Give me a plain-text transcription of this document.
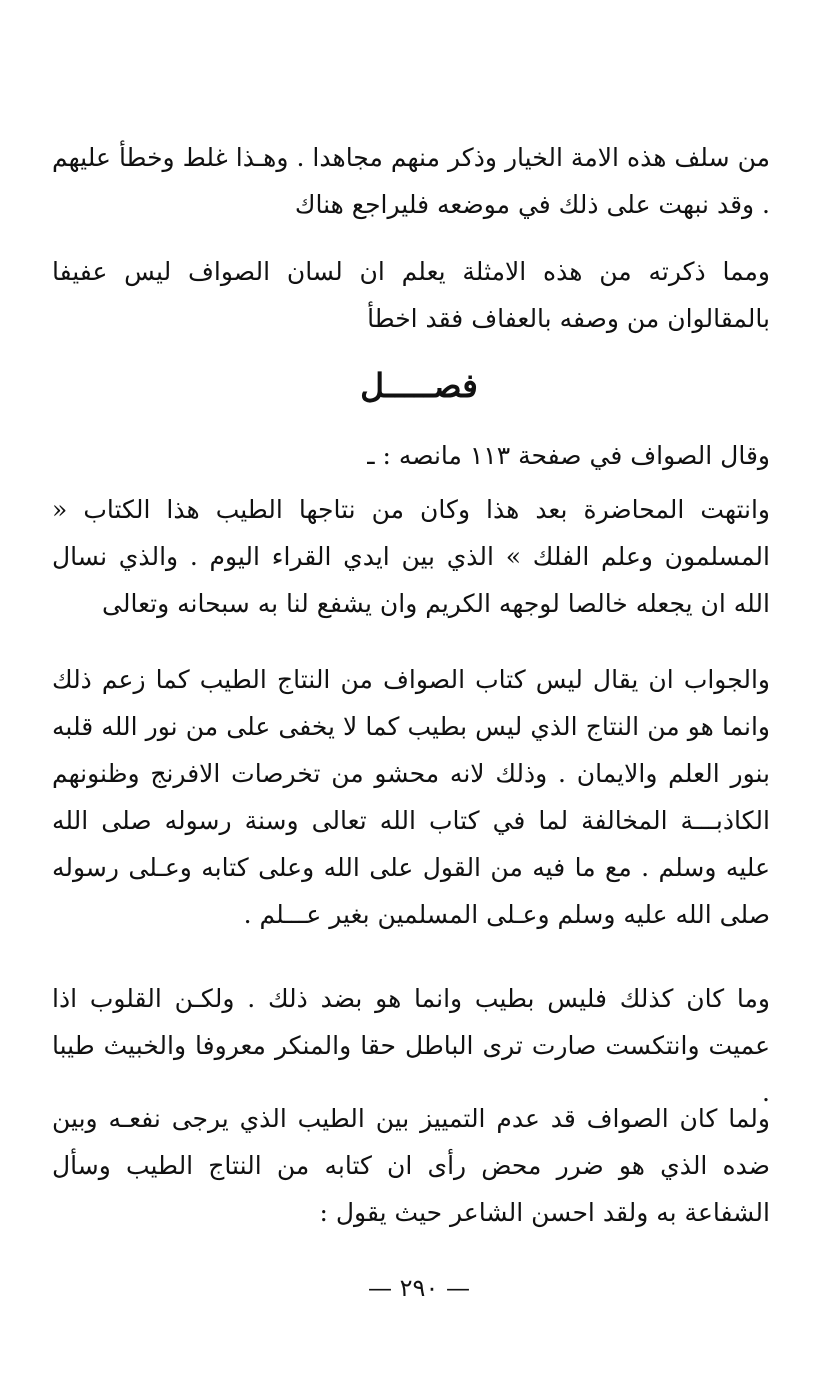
من سلف هذه الامة الخيار وذكر منهم مجاهدا . وهـذا غلط وخطأ عليهم . وقد نبهت على ذلك في موضعه فليراجع هناك

ومما ذكرته من هذه الامثلة يعلم ان لسان الصواف ليس عفيفا بالمقالوان من وصفه بالعفاف فقد اخطأ

فصـــــل

وقال الصواف في صفحة ١١٣ مانصه : ـ

وانتهت المحاضرة بعد هذا وكان من نتاجها الطيب هذا الكتاب « المسلمون وعلم الفلك » الذي بين ايدي القراء اليوم . والذي نسال الله ان يجعله خالصا لوجهه الكريم وان يشفع لنا به سبحانه وتعالى

والجواب ان يقال ليس كتاب الصواف من النتاج الطيب كما زعم ذلك وانما هو من النتاج الذي ليس بطيب كما لا يخفى على من نور الله قلبه بنور العلم والايمان . وذلك لانه محشو من تخرصات الافرنج وظنونهم الكاذبـــة المخالفة لما في كتاب الله تعالى وسنة رسوله صلى الله عليه وسلم . مع ما فيه من القول على الله وعلى كتابه وعـلى رسوله صلى الله عليه وسلم وعـلى المسلمين بغير عـــلم .

وما كان كذلك فليس بطيب وانما هو بضد ذلك . ولكـن القلوب اذا عميت وانتكست صارت ترى الباطل حقا والمنكر معروفا والخبيث طيبا .

ولما كان الصواف قد عدم التمييز بين الطيب الذي يرجى نفعـه وبين ضده الذي هو ضرر محض رأى ان كتابه من النتاج الطيب وسأل الشفاعة به ولقد احسن الشاعر حيث يقول :

— ٢٩٠ —
